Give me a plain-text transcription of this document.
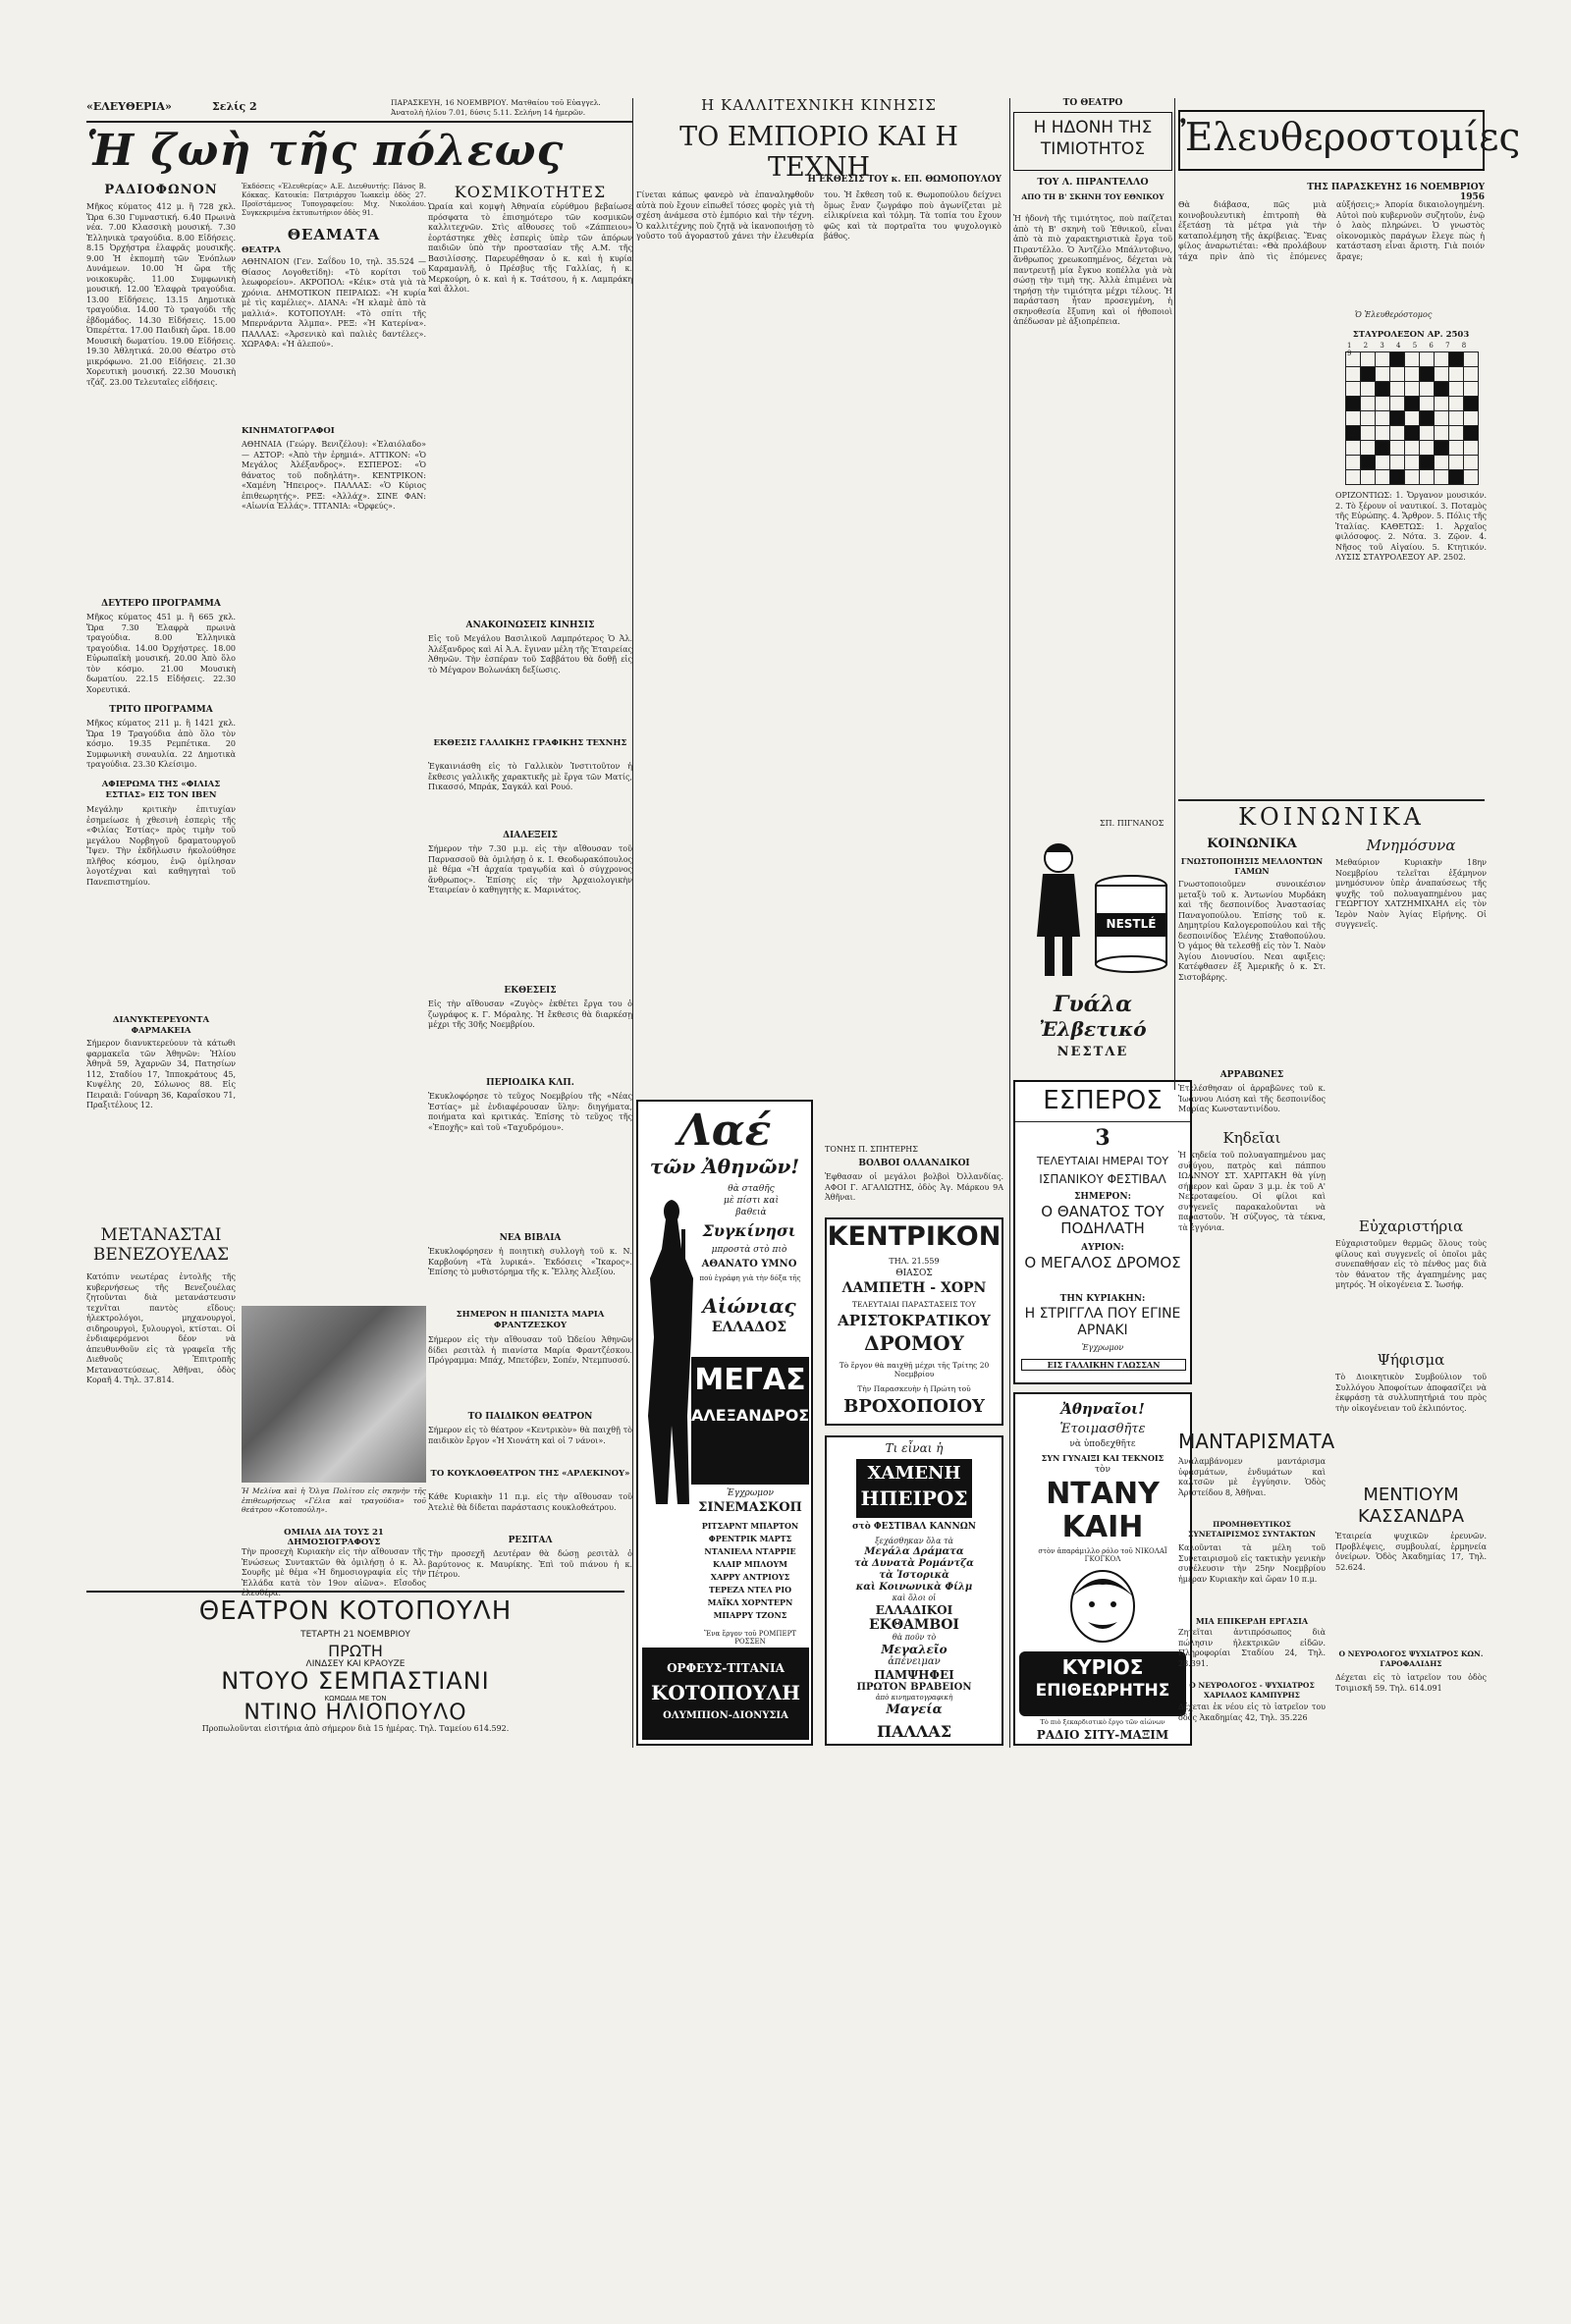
«ΕΛΕΥΘΕΡΙΑ»	Σελίς 2	ΠΑΡΑΣΚΕΥΗ, 16 ΝΟΕΜΒΡΙΟΥ. Ματθαίου τοῦ Εὐαγγελ.
Ἀνατολὴ ἡλίου 7.01, δύσις 5.11. Σελήνη 14 ἡμερῶν.
Ἡ ζωὴ τῆς πόλεως
ΡΑΔΙΟΦΩΝΟΝ
Μῆκος κύματος 412 μ. ἢ 728 χκλ. Ὥρα 6.30 Γυμναστική. 6.40 Πρωινὰ νέα. 7.00 Κλασσικὴ μουσική. 7.30 Ἑλληνικὰ τραγούδια. 8.00 Εἰδήσεις. 8.15 Ὀρχήστρα ἐλαφρᾶς μουσικῆς. 9.00 Ἡ ἐκπομπὴ τῶν Ἐνόπλων Δυνάμεων. 10.00 Ἡ ὥρα τῆς νοικοκυρᾶς. 11.00 Συμφωνικὴ μουσική. 12.00 Ἑλαφρὰ τραγούδια. 13.00 Εἰδήσεις. 13.15 Δημοτικὰ τραγούδια. 14.00 Τὸ τραγούδι τῆς ἑβδομάδος. 14.30 Εἰδήσεις. 15.00 Ὁπερέττα. 17.00 Παιδικὴ ὥρα. 18.00 Μουσικὴ δωματίου. 19.00 Εἰδήσεις. 19.30 Ἀθλητικά. 20.00 Θέατρο στὸ μικρόφωνο. 21.00 Εἰδήσεις. 21.30 Χορευτικὴ μουσική. 22.30 Μουσικὴ τζάζ. 23.00 Τελευταῖες εἰδήσεις.
ΔΕΥΤΕΡΟ ΠΡΟΓΡΑΜΜΑ
Μῆκος κύματος 451 μ. ἢ 665 χκλ. Ὥρα 7.30 Ἐλαφρὰ πρωινὰ τραγούδια. 8.00 Ἑλληνικὰ τραγούδια. 14.00 Ὀρχήστρες. 18.00 Εὐρωπαϊκὴ μουσική. 20.00 Ἀπὸ ὅλο τὸν κόσμο. 21.00 Μουσικὴ δωματίου. 22.15 Εἰδήσεις. 22.30 Χορευτικά.
ΤΡΙΤΟ ΠΡΟΓΡΑΜΜΑ
Μῆκος κύματος 211 μ. ἢ 1421 χκλ. Ὥρα 19 Τραγούδια ἀπὸ ὅλο τὸν κόσμο. 19.35 Ρεμπέτικα. 20 Συμφωνικὴ συναυλία. 22 Δημοτικὰ τραγούδια. 23.30 Κλείσιμο.
ΑΦΙΕΡΩΜΑ ΤΗΣ «ΦΙΛΙΑΣ ΕΣΤΙΑΣ» ΕΙΣ ΤΟΝ ΙΒΕΝ
Μεγάλην κριτικὴν ἐπιτυχίαν ἐσημείωσε ἡ χθεσινὴ ἑσπερὶς τῆς «Φιλίας Ἑστίας» πρὸς τιμὴν τοῦ μεγάλου Νορβηγοῦ δραματουργοῦ Ἴψεν. Τὴν ἐκδήλωσιν ἠκολούθησε πλῆθος κόσμου, ἐνῷ ὁμίλησαν λογοτέχναι καὶ καθηγηταὶ τοῦ Πανεπιστημίου.
ΔΙΑΝΥΚΤΕΡΕΥΟΝΤΑ ΦΑΡΜΑΚΕΙΑ
Σήμερον διανυκτερεύουν τὰ κάτωθι φαρμακεῖα τῶν Ἀθηνῶν: Ἡλίου Ἀθηνᾶ 59, Ἀχαρνῶν 34, Πατησίων 112, Σταδίου 17, Ἱπποκράτους 45, Κυψέλης 20, Σόλωνος 88. Εἰς Πειραιᾶ: Γούναρη 36, Καραΐσκου 71, Πραξιτέλους 12.
ΜΕΤΑΝΑΣΤΑΙ ΒΕΝΕΖΟΥΕΛΑΣ
Κατόπιν νεωτέρας ἐντολῆς τῆς κυβερνήσεως τῆς Βενεζουέλας ζητοῦνται διὰ μετανάστευσιν τεχνῖται παντὸς εἴδους: ἠλεκτρολόγοι, μηχανουργοὶ, σιδηρουργοὶ, ξυλουργοὶ, κτίσται. Οἱ ἐνδιαφερόμενοι δέον νὰ ἀπευθυνθοῦν εἰς τὰ γραφεῖα τῆς Διεθνοῦς Ἐπιτροπῆς Μεταναστεύσεως. Ἀθῆναι, ὁδὸς Κοραῆ 4. Τηλ. 37.814.
ΘΕΑΤΡΟΝ ΚΟΤΟΠΟΥΛΗ
ΤΕΤΑΡΤΗ 21 ΝΟΕΜΒΡΙΟΥ
ΠΡΩΤΗ
ΛΙΝΔΣΕΥ ΚΑΙ ΚΡΑΟΥΖΕ
ΝΤΟΥΟ ΣΕΜΠΑΣΤΙΑΝΙ
ΚΩΜΩΔΙΑ ΜΕ ΤΟΝ
ΝΤΙΝΟ ΗΛΙΟΠΟΥΛΟ
Προπωλοῦνται εἰσιτήρια ἀπὸ σήμερον διὰ 15 ἡμέρας. Τηλ. Ταμείου 614.592.
Ἐκδόσεις «Ἐλευθερίας» Α.Ε. Διευθυντής: Πάνος Β. Κόκκας. Κατοικία: Πατριάρχου Ἰωακεὶμ ὁδὸς 27. Προϊστάμενος Τυπογραφείου: Μιχ. Νικολάου. Συγκεκριμένα ἐκτυπωτήριον ὁδὸς 91.
ΘΕΑΜΑΤΑ
ΘΕΑΤΡΑ
ΑΘΗΝΑΙΟΝ (Γεν. Σαΐδου 10, τηλ. 35.524 — Θίασος Λογοθετίδη): «Τὸ κορίτσι τοῦ λεωφορείου». ΑΚΡΟΠΟΛ: «Κέικ» στὰ γιὰ τὰ χρόνια. ΔΗΜΟΤΙΚΟΝ ΠΕΙΡΑΙΩΣ: «Ἡ κυρία μὲ τὶς καμέλιες». ΔΙΑΝΑ: «Ἡ κλαμὲ ἀπὸ τὰ μαλλιά». ΚΟΤΟΠΟΥΛΗ: «Τὸ σπίτι τῆς Μπερνάρντα Άλμπα». ΡΕΞ: «Ἡ Κατερίνα». ΠΑΛΛΑΣ: «Ἀρσενικὸ καὶ παλιὲς δαντέλες». ΧΩΡΑΦΑ: «Ἡ ἀλεπού».
ΚΙΝΗΜΑΤΟΓΡΑΦΟΙ
ΑΘΗΝΑΙΑ (Γεώργ. Βενιζέλου): «Ἐλαιόλαδο» — ΑΣΤΟΡ: «Ἀπὸ τὴν ἐρημιά». ΑΤΤΙΚΟΝ: «Ὁ Μεγάλος Ἀλέξανδρος». ΕΣΠΕΡΟΣ: «Ὁ θάνατος τοῦ ποδηλάτη». ΚΕΝΤΡΙΚΟΝ: «Χαμένη Ἤπειρος». ΠΑΛΛΑΣ: «Ὁ Κύριος ἐπιθεωρητής». ΡΕΞ: «Ἀλλάχ». ΣΙΝΕ ΦΑΝ: «Αἰωνία Ἑλλάς». ΤΙΤΑΝΙΑ: «Ὀρφεύς».
Ἡ Μελίνα καὶ ἡ Ὄλγα Πολίτου εἰς σκηνὴν τῆς ἐπιθεωρήσεως «Γέλια καὶ τραγούδια» τοῦ θεάτρου «Κοτοπούλη».
ΟΜΙΛΙΑ ΔΙΑ ΤΟΥΣ 21 ΔΗΜΟΣΙΟΓΡΑΦΟΥΣ
Τὴν προσεχὴ Κυριακὴν εἰς τὴν αἴθουσαν τῆς Ἑνώσεως Συντακτῶν θὰ ὁμιλήσῃ ὁ κ. Ἀλ. Σουρῆς μὲ θέμα «Ἡ δημοσιογραφία εἰς τὴν Ἑλλάδα κατὰ τὸν 19ον αἰῶνα». Εἴσοδος ἐλευθέρα.
ΚΟΣΜΙΚΟΤΗΤΕΣ
Ὡραία καὶ κομψὴ Ἀθηναία εὐρύθμου βεβαίωσε πρόσφατα τὸ ἐπισημότερο τῶν κοσμικῶν καλλιτεχνῶν. Στὶς αἴθουσες τοῦ «Ζάππειου» ἑορτάστηκε χθὲς ἑσπερὶς ὑπὲρ τῶν ἀπόρων παιδιῶν ὑπὸ τὴν προστασίαν τῆς Α.Μ. τῆς Βασιλίσσης. Παρευρέθησαν ὁ κ. καὶ ἡ κυρία Καραμανλῆ, ὁ Πρέσβυς τῆς Γαλλίας, ἡ κ. Μερκούρη, ὁ κ. καὶ ἡ κ. Τσάτσου, ἡ κ. Λαμπράκη καὶ ἄλλοι.
ΑΝΑΚΟΙΝΩΣΕΙΣ ΚΙΝΗΣΙΣ
Εἰς τοῦ Μεγάλου Βασιλικοῦ Λαμπρότερος Ὁ Ἀλ. Ἀλέξανδρος καὶ Αἱ Ἀ.Α. ἔγιναν μέλη τῆς Ἑταιρείας Ἀθηνῶν. Τὴν ἑσπέραν τοῦ Σαββάτου θὰ δοθῇ εἰς τὸ Μέγαρον Βολωνάκη δεξίωσις.
ΕΚΘΕΣΙΣ ΓΑΛΛΙΚΗΣ ΓΡΑΦΙΚΗΣ ΤΕΧΝΗΣ
Ἐγκαινιάσθη εἰς τὸ Γαλλικὸν Ἰνστιτοῦτον ἡ ἔκθεσις γαλλικῆς χαρακτικῆς μὲ ἔργα τῶν Ματίς, Πικασσό, Μπράκ, Σαγκάλ καὶ Ρουό.
ΔΙΑΛΕΞΕΙΣ
Σήμερον τὴν 7.30 μ.μ. εἰς τὴν αἴθουσαν τοῦ Παρνασσοῦ θὰ ὁμιλήσῃ ὁ κ. Ι. Θεοδωρακόπουλος μὲ θέμα «Ἡ ἀρχαία τραγῳδία καὶ ὁ σύγχρονος ἄνθρωπος». Ἐπίσης εἰς τὴν Ἀρχαιολογικὴν Ἑταιρείαν ὁ καθηγητὴς κ. Μαρινάτος.
ΕΚΘΕΣΕΙΣ
Εἰς τὴν αἴθουσαν «Ζυγὸς» ἐκθέτει ἔργα του ὁ ζωγράφος κ. Γ. Μόραλης. Ἡ ἔκθεσις θὰ διαρκέσῃ μέχρι τῆς 30ῆς Νοεμβρίου.
ΠΕΡΙΟΔΙΚΑ ΚΛΠ.
Ἐκυκλοφόρησε τὸ τεῦχος Νοεμβρίου τῆς «Νέας Ἑστίας» μὲ ἐνδιαφέρουσαν ὕλην: διηγήματα, ποιήματα καὶ κριτικάς. Ἐπίσης τὸ τεῦχος τῆς «Ἐποχῆς» καὶ τοῦ «Ταχυδρόμου».
ΝΕΑ ΒΙΒΛΙΑ
Ἐκυκλοφόρησεν ἡ ποιητικὴ συλλογὴ τοῦ κ. Ν. Καρβούνη «Τὰ λυρικά». Ἐκδόσεις «Ἴκαρος». Ἐπίσης τὸ μυθιστόρημα τῆς κ. Ἔλλης Ἀλεξίου.
ΣΗΜΕΡΟΝ Η ΠΙΑΝΙΣΤΑ ΜΑΡΙΑ ΦΡΑΝΤΖΕΣΚΟΥ
Σήμερον εἰς τὴν αἴθουσαν τοῦ Ὠδείου Ἀθηνῶν δίδει ρεσιτὰλ ἡ πιανίστα Μαρία Φραντζέσκου. Πρόγραμμα: Μπάχ, Μπετόβεν, Σοπέν, Ντεμπυσσύ.
ΤΟ ΠΑΙΔΙΚΟΝ ΘΕΑΤΡΟΝ
Σήμερον εἰς τὸ θέατρον «Κεντρικὸν» θὰ παιχθῇ τὸ παιδικὸν ἔργον «Ἡ Χιονάτη καὶ οἱ 7 νάνοι».
ΤΟ ΚΟΥΚΛΟΘΕΑΤΡΟΝ ΤΗΣ «ΑΡΛΕΚΙΝΟΥ»
Κάθε Κυριακὴν 11 π.μ. εἰς τὴν αἴθουσαν τοῦ Ἀτελιὲ θὰ δίδεται παράστασις κουκλοθεάτρου.
ΡΕΣΙΤΑΛ
Τὴν προσεχῆ Δευτέραν θὰ δώσῃ ρεσιτὰλ ὁ βαρύτονος κ. Μαυρίκης. Ἐπὶ τοῦ πιάνου ἡ κ. Πέτρου.
Η ΚΑΛΛΙΤΕΧΝΙΚΗ ΚΙΝΗΣΙΣ
ΤΟ ΕΜΠΟΡΙΟ ΚΑΙ Η ΤΕΧΝΗ
Η ΕΚΘΕΣΙΣ ΤΟΥ κ. ΕΠ. ΘΩΜΟΠΟΥΛΟΥ
Γίνεται κάπως φανερὸ νὰ ἐπαναληφθοῦν αὐτὰ ποὺ ἔχουν εἰπωθεῖ τόσες φορὲς γιὰ τὴ σχέση ἀνάμεσα στὸ ἐμπόριο καὶ τὴν τέχνη. Ὁ καλλιτέχνης ποὺ ζητᾷ νὰ ἱκανοποιήσῃ τὸ γοῦστο τοῦ ἀγοραστοῦ χάνει τὴν ἐλευθερία του. Ἡ ἔκθεση τοῦ κ. Θωμοπούλου δείχνει ὅμως ἕναν ζωγράφο ποὺ ἀγωνίζεται μὲ εἰλικρίνεια καὶ τόλμη. Τὰ τοπία του ἔχουν φῶς καὶ τὰ πορτραῖτα του ψυχολογικὸ βάθος.
ΤΟΝΗΣ Π. ΣΠΗΤΕΡΗΣ
ΒΟΛΒΟΙ ΟΛΛΑΝΔΙΚΟΙ
Ἐφθασαν οἱ μεγάλοι βολβοὶ Ὀλλανδίας. ΑΦΟΙ Γ. ΑΓΑΛΙΩΤΗΣ, ὁδὸς Ἀγ. Μάρκου 9Α Ἀθῆναι.
Λαέ
τῶν Ἀθηνῶν!
θὰ σταθῆς
μὲ πίστι καὶ
βαθειὰ
Συγκίνησι
μπροστὰ στὸ πιὸ
ΑΘΑΝΑΤΟ ΥΜΝΟ
πού ἐγράφη γιὰ τὴν δόξα τῆς
Αἰώνιας
ΕΛΛΑΔΟΣ
ΜΕΓΑΣ
ΑΛΕΞΑΝΔΡΟΣ
Ἐγχρωμον
ΣΙΝΕΜΑΣΚΟΠ
ΡΙΤΣΑΡΝΤ ΜΠΑΡΤΟΝ
ΦΡΕΝΤΡΙΚ ΜΑΡΤΣ
ΝΤΑΝΙΕΛΑ ΝΤΑΡΡΙΕ
ΚΛΑΙΡ ΜΠΛΟΥΜ
ΧΑΡΡΥ ΑΝΤΡΙΟΥΣ
ΤΕΡΕΖΑ ΝΤΕΛ ΡΙΟ
ΜΑΪΚΛ ΧΟΡΝΤΕΡΝ
ΜΠΑΡΡΥ ΤΖΟΝΣ
Ἕνα ἔργον τοῦ ΡΟΜΠΕΡΤ ΡΟΣΣΕΝ
ΟΡΦΕΥΣ-ΤΙΤΑΝΙΑ
ΚΟΤΟΠΟΥΛΗ
ΟΛΥΜΠΙΟΝ-ΔΙΟΝΥΣΙΑ
ΚΕΝΤΡΙΚΟΝ
ΤΗΛ. 21.559
ΘΙΑΣΟΣ
ΛΑΜΠΕΤΗ - ΧΟΡΝ
ΤΕΛΕΥΤΑΙΑΙ ΠΑΡΑΣΤΑΣΕΙΣ ΤΟΥ
ΑΡΙΣΤΟΚΡΑΤΙΚΟΥ
ΔΡΟΜΟΥ
Τὸ ἔργον θὰ παιχθῇ μέχρι τῆς Τρίτης 20 Νοεμβρίου
Τὴν Παρασκευὴν ἡ Πρώτη τοῦ
ΒΡΟΧΟΠΟΙΟΥ
Τι εἶναι ἡ
ΧΑΜΕΝΗ
ΗΠΕΙΡΟΣ
στὸ ΦΕΣΤΙΒΑΛ ΚΑΝΝΩΝ
ξεχάσθηκαν ὅλα τὰ
Μεγάλα Δράματα
τὰ Δυνατὰ Ρομάντζα
τὰ Ἱστορικὰ
καὶ Κοινωνικὰ Φίλμ
καὶ ὅλοι οἱ
ΕΛΛΑΔΙΚΟΙ
ΕΚΘΑΜΒΟΙ
θὰ ποῦν τὸ
Μεγαλεῖο
ἀπένειμαν
ΠΑΜΨΗΦΕΙ
ΠΡΩΤΟΝ ΒΡΑΒΕΙΟΝ
ἀπὸ κινηματογραφικὴ
Μαγεία
ΠΑΛΛΑΣ
ΤΟ ΘΕΑΤΡΟ
Η ΗΔΟΝΗ ΤΗΣ ΤΙΜΙΟΤΗΤΟΣ
ΤΟΥ Λ. ΠΙΡΑΝΤΕΛΛΟ
ΑΠΟ ΤΗ Β' ΣΚΗΝΗ ΤΟΥ ΕΘΝΙΚΟΥ
Ἡ ἡδονὴ τῆς τιμιότητος, ποὺ παίζεται ἀπὸ τὴ Β' σκηνὴ τοῦ Ἐθνικοῦ, εἶναι ἀπὸ τὰ πιὸ χαρακτηριστικὰ ἔργα τοῦ Πιραντέλλο. Ὁ Ἀντζέλο Μπάλντοβινο, ἄνθρωπος χρεωκοπημένος, δέχεται νὰ παντρευτῇ μία ἔγκυο κοπέλλα γιὰ νὰ σώσῃ τὴν τιμὴ της. Ἀλλὰ ἐπιμένει νὰ τηρήσῃ τὴν τιμιότητα μέχρι τέλους. Ἡ παράσταση ἦταν προσεγμένη, ἡ σκηνοθεσία ἔξυπνη καὶ οἱ ἠθοποιοὶ ἀπέδωσαν μὲ ἀξιοπρέπεια.
ΣΠ. ΠΙΓΝΑΝΟΣ
NESTLÉ
Γυάλα
Ἐλβετικό
ΝΕΣΤΛΕ
ΕΣΠΕΡΟΣ
3
ΤΕΛΕΥΤΑΙΑΙ ΗΜΕΡΑΙ ΤΟΥ
ΙΣΠΑΝΙΚΟΥ ΦΕΣΤΙΒΑΛ
ΣΗΜΕΡΟΝ:
Ο ΘΑΝΑΤΟΣ ΤΟΥ ΠΟΔΗΛΑΤΗ
ΑΥΡΙΟΝ:
Ο ΜΕΓΑΛΟΣ ΔΡΟΜΟΣ
ΤΗΝ ΚΥΡΙΑΚΗΝ:
Η ΣΤΡΙΓΓΛΑ ΠΟΥ ΕΓΙΝΕ ΑΡΝΑΚΙ
Ἐγχρωμον
ΕΙΣ ΓΑΛΛΙΚΗΝ ΓΛΩΣΣΑΝ
Ἀθηναῖοι!
Ἑτοιμασθῆτε
νὰ ὑποδεχθῆτε
ΣΥΝ ΓΥΝΑΙΞΙ ΚΑΙ ΤΕΚΝΟΙΣ
τὸν
ΝΤΑΝΥ
ΚΑΙΗ
στὸν ἀπαράμιλλο ρόλο τοῦ ΝΙΚΟΛΑΪ ΓΚΟΓΚΟΛ
ΚΥΡΙΟΣ
ΕΠΙΘΕΩΡΗΤΗΣ
Τὸ πιὸ ξεκαρδιστικὸ ἔργο τῶν αἰώνων
ΡΑΔΙΟ ΣΙΤΥ-ΜΑΞΙΜ
Ἐλευθεροστομίες
ΤΗΣ ΠΑΡΑΣΚΕΥΗΣ 16 ΝΟΕΜΒΡΙΟΥ 1956
Θὰ διάβασα, πῶς μιὰ κοινοβουλευτικὴ ἐπιτροπὴ θὰ ἐξετάσῃ τὰ μέτρα γιὰ τὴν καταπολέμηση τῆς ἀκρίβειας. Ἕνας φίλος ἀναρωτιέται: «Θὰ προλάβουν τάχα πρὶν ἀπὸ τὶς ἑπόμενες αὐξήσεις;» Ἀπορία δικαιολογημένη. Αὐτοὶ ποὺ κυβερνοῦν συζητοῦν, ἐνῷ ὁ λαὸς πληρώνει. Ὁ γνωστὸς οἰκονομικὸς παράγων ἔλεγε πὼς ἡ κατάσταση εἶναι ἄριστη. Γιὰ ποιόν ἄραγε;
Ὁ Ἐλευθερόστομος
ΣΤΑΥΡΟΛΕΞΟΝ ΑΡ. 2503
1 2 3 4 5 6 7 8 9

ΟΡΙΖΟΝΤΙΩΣ: 1. Ὄργανον μουσικόν. 2. Τὸ ξέρουν οἱ ναυτικοί. 3. Ποταμὸς τῆς Εὐρώπης. 4. Ἄρθρον. 5. Πόλις τῆς Ἰταλίας. ΚΑΘΕΤΩΣ: 1. Ἀρχαῖος φιλόσοφος. 2. Νότα. 3. Ζῷον. 4. Νῆσος τοῦ Αἰγαίου. 5. Κτητικόν. ΛΥΣΙΣ ΣΤΑΥΡΟΛΕΞΟΥ ΑΡ. 2502.
ΚΟΙΝΩΝΙΚΑ
ΚΟΙΝΩΝΙΚΑ
ΓΝΩΣΤΟΠΟΙΗΣΙΣ ΜΕΛΛΟΝΤΩΝ ΓΑΜΩΝ
Γνωστοποιοῦμεν συνοικέσιον μεταξὺ τοῦ κ. Ἀντωνίου Μυρδάκη καὶ τῆς δεσποινίδος Ἀναστασίας Παναγοπούλου. Ἐπίσης τοῦ κ. Δημητρίου Καλογεροπούλου καὶ τῆς δεσποινίδος Ἑλένης Σταθοπούλου. Ὁ γάμος θὰ τελεσθῇ εἰς τὸν Ἱ. Ναὸν Ἁγίου Διονυσίου. Νεαι αφιξεις: Κατέφθασεν ἐξ Ἀμερικῆς ὁ κ. Στ. Σιστοβάρης.
ΑΡΡΑΒΩΝΕΣ
Ἐτελέσθησαν οἱ ἀρραβῶνες τοῦ κ. Ἰωάννου Λιόση καὶ τῆς δεσποινίδος Μαρίας Κωνσταντινίδου.
Κηδεῖαι
Ἡ κηδεία τοῦ πολυαγαπημένου μας συζύγου, πατρὸς καὶ πάππου ΙΩΑΝΝΟΥ ΣΤ. ΧΑΡΙΤΑΚΗ θὰ γίνῃ σήμερον καὶ ὥραν 3 μ.μ. ἐκ τοῦ Α' Νεκροταφείου. Οἱ φίλοι καὶ συγγενεῖς παρακαλοῦνται νὰ παραστοῦν. Ἡ σύζυγος, τὰ τέκνα, τὰ ἐγγόνια.
Μνημόσυνα
Μεθαύριον Κυριακὴν 18ην Νοεμβρίου τελεῖται ἑξάμηνον μνημόσυνον ὑπὲρ ἀναπαύσεως τῆς ψυχῆς τοῦ πολυαγαπημένου μας ΓΕΩΡΓΙΟΥ ΧΑΤΖΗΜΙΧΑΗΛ εἰς τὸν Ἱερὸν Ναὸν Ἁγίας Εἰρήνης. Οἱ συγγενεῖς.
Εὐχαριστήρια
Εὐχαριστοῦμεν θερμῶς ὅλους τοὺς φίλους καὶ συγγενεῖς οἱ ὁποῖοι μᾶς συνεπαθήσαν εἰς τὸ πένθος μας διὰ τὸν θάνατον τῆς ἀγαπημένης μας μητρός. Ἡ οἰκογένεια Σ. Ἰωσήφ.
Ψήφισμα
Τὸ Διοικητικὸν Συμβούλιον τοῦ Συλλόγου Ἀποφοίτων ἀποφασίζει νὰ ἐκφράσῃ τὰ συλλυπητήριά του πρὸς τὴν οἰκογένειαν τοῦ ἐκλιπόντος.
ΜΕΝΤΙΟΥΜ ΚΑΣΣΑΝΔΡΑ
Ἑταιρεία ψυχικῶν ἐρευνῶν. Προβλέψεις, συμβουλαί, ἑρμηνεία ὀνείρων. Ὁδὸς Ἀκαδημίας 17, Τηλ. 52.624.
ΜΑΝΤΑΡΙΣΜΑΤΑ
Ἀναλαμβάνομεν μαντάρισμα ὑφασμάτων, ἐνδυμάτων καὶ καλτσῶν μὲ ἐγγύησιν. Ὁδὸς Ἀριστείδου 8, Ἀθῆναι.
ΠΡΟΜΗΘΕΥΤΙΚΟΣ ΣΥΝΕΤΑΙΡΙΣΜΟΣ ΣΥΝΤΑΚΤΩΝ
Καλοῦνται τὰ μέλη τοῦ Συνεταιρισμοῦ εἰς τακτικὴν γενικὴν συνέλευσιν τὴν 25ην Νοεμβρίου ἡμέραν Κυριακὴν καὶ ὥραν 10 π.μ.
ΜΙΑ ΕΠΙΚΕΡΔΗ ΕΡΓΑΣΙΑ
Ζητεῖται ἀντιπρόσωπος διὰ πώλησιν ἠλεκτρικῶν εἰδῶν. Πληροφορίαι Σταδίου 24, Τηλ. 28.391.
Ο ΝΕΥΡΟΛΟΓΟΣ - ΨΥΧΙΑΤΡΟΣ ΧΑΡΙΛΑΟΣ ΚΑΜΠΥΡΗΣ
Δέχεται ἐκ νέου εἰς τὸ ἰατρεῖον του ὁδὸς Ἀκαδημίας 42, Τηλ. 35.226
Ο ΝΕΥΡΟΛΟΓΟΣ ΨΥΧΙΑΤΡΟΣ ΚΩΝ. ΓΑΡΟΦΑΛΙΔΗΣ
Δέχεται εἰς τὸ ἰατρεῖον του ὁδὸς Τσιμισκῆ 59. Τηλ. 614.091
